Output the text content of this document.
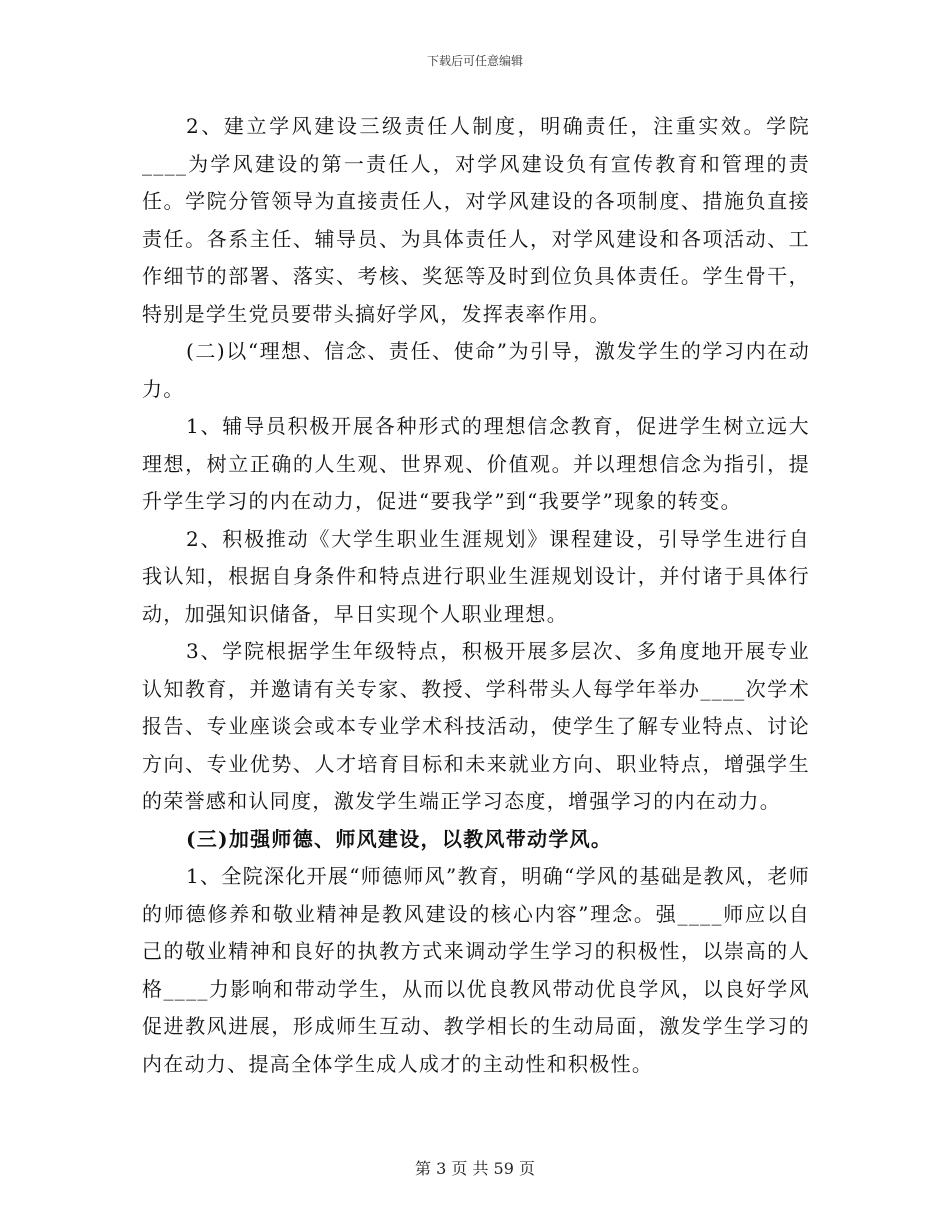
下载后可任意编辑

2、建立学风建设三级责任人制度，明确责任，注重实效。学院____为学风建设的第一责任人，对学风建设负有宣传教育和管理的责任。学院分管领导为直接责任人，对学风建设的各项制度、措施负直接责任。各系主任、辅导员、为具体责任人，对学风建设和各项活动、工作细节的部署、落实、考核、奖惩等及时到位负具体责任。学生骨干，特别是学生党员要带头搞好学风，发挥表率作用。

(二)以“理想、信念、责任、使命”为引导，激发学生的学习内在动力。

1、辅导员积极开展各种形式的理想信念教育，促进学生树立远大理想，树立正确的人生观、世界观、价值观。并以理想信念为指引，提升学生学习的内在动力，促进“要我学”到“我要学”现象的转变。

2、积极推动《大学生职业生涯规划》课程建设，引导学生进行自我认知，根据自身条件和特点进行职业生涯规划设计，并付诸于具体行动，加强知识储备，早日实现个人职业理想。

3、学院根据学生年级特点，积极开展多层次、多角度地开展专业认知教育，并邀请有关专家、教授、学科带头人每学年举办____次学术报告、专业座谈会或本专业学术科技活动，使学生了解专业特点、讨论方向、专业优势、人才培育目标和未来就业方向、职业特点，增强学生的荣誉感和认同度，激发学生端正学习态度，增强学习的内在动力。

(三)加强师德、师风建设，以教风带动学风。

1、全院深化开展“师德师风”教育，明确“学风的基础是教风，老师的师德修养和敬业精神是教风建设的核心内容”理念。强____师应以自己的敬业精神和良好的执教方式来调动学生学习的积极性，以崇高的人格____力影响和带动学生，从而以优良教风带动优良学风，以良好学风促进教风进展，形成师生互动、教学相长的生动局面，激发学生学习的内在动力、提高全体学生成人成才的主动性和积极性。

第 3 页 共 59 页
